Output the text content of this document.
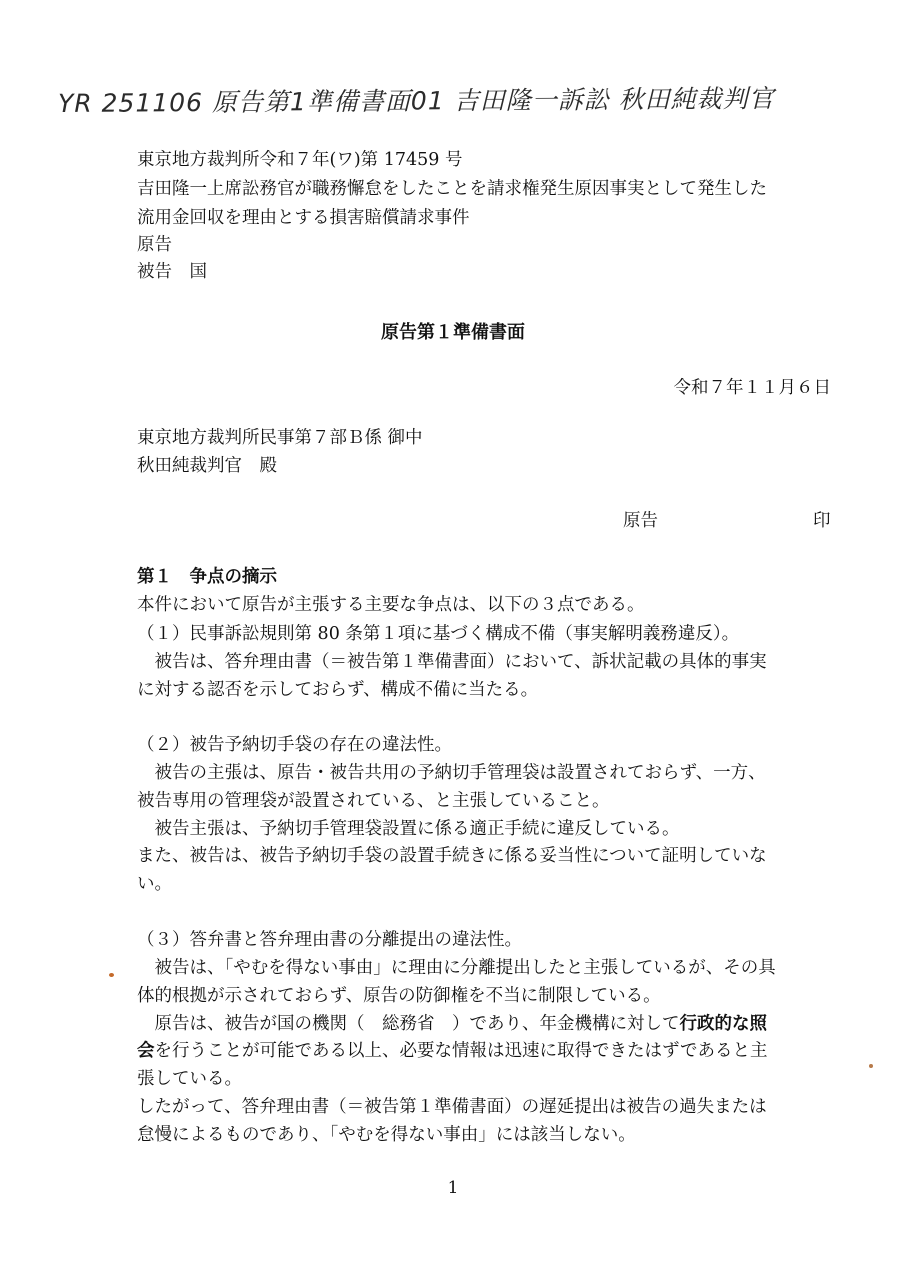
YR 251106 原告第1準備書面01 吉田隆一訴訟 秋田純裁判官
東京地方裁判所令和７年(ワ)第 17459 号
吉田隆一上席訟務官が職務懈怠をしたことを請求権発生原因事実として発生した
流用金回収を理由とする損害賠償請求事件
原告
被告　国
原告第１準備書面
令和７年１１月６日
東京地方裁判所民事第７部Ｂ係 御中
秋田純裁判官　殿
原告	印
第１　争点の摘示
本件において原告が主張する主要な争点は、以下の３点である。
（１）民事訴訟規則第 80 条第１項に基づく構成不備（事実解明義務違反）。
　被告は、答弁理由書（＝被告第１準備書面）において、訴状記載の具体的事実
に対する認否を示しておらず、構成不備に当たる。
（２）被告予納切手袋の存在の違法性。
　被告の主張は、原告・被告共用の予納切手管理袋は設置されておらず、一方、
被告専用の管理袋が設置されている、と主張していること。
　被告主張は、予納切手管理袋設置に係る適正手続に違反している。
また、被告は、被告予納切手袋の設置手続きに係る妥当性について証明していな
い。
（３）答弁書と答弁理由書の分離提出の違法性。
　被告は、「やむを得ない事由」に理由に分離提出したと主張しているが、その具
体的根拠が示されておらず、原告の防御権を不当に制限している。
　原告は、被告が国の機関（　総務省　）であり、年金機構に対して行政的な照
会を行うことが可能である以上、必要な情報は迅速に取得できたはずであると主
張している。
したがって、答弁理由書（＝被告第１準備書面）の遅延提出は被告の過失または
怠慢によるものであり、「やむを得ない事由」には該当しない。
1
